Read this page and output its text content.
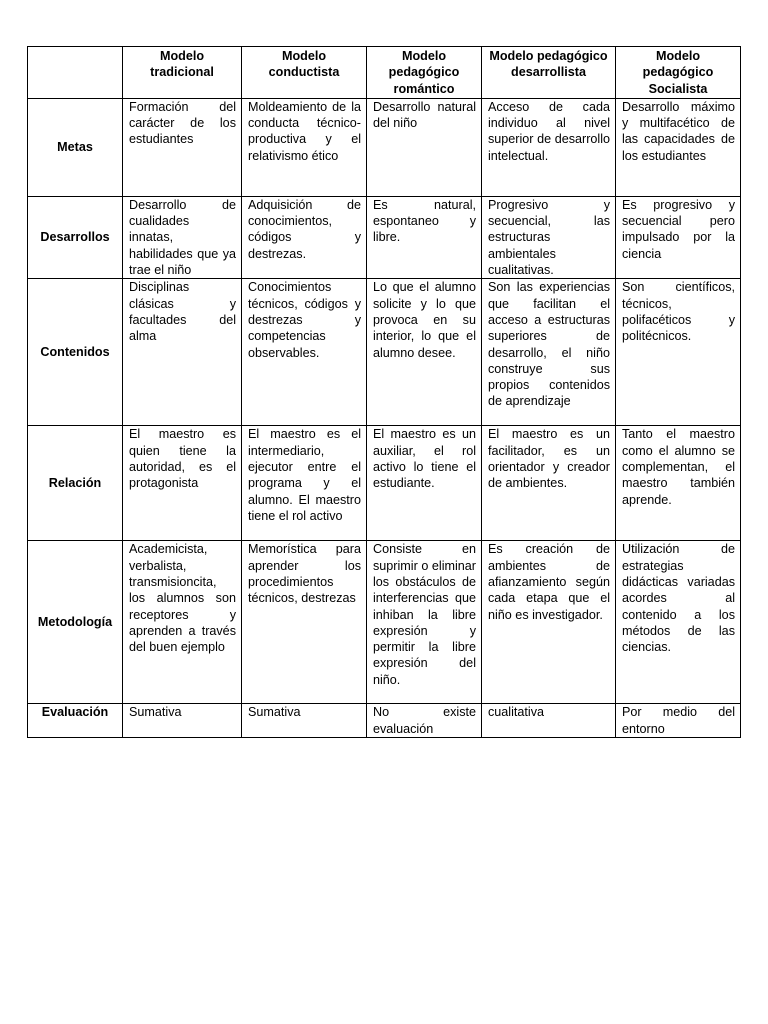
	Modelo tradicional	Modelo conductista	Modelo pedagógico romántico	Modelo pedagógico desarrollista	Modelo pedagógico Socialista
Metas	Formación del carácter de los estudiantes	Moldeamiento de la conducta técnico-productiva y el relativismo ético	Desarrollo natural del niño	Acceso de cada individuo al nivel superior de desarrollo intelectual.	Desarrollo máximo y multifacético de las capacidades de los estudiantes
Desarrollos	Desarrollo de cualidades innatas, habilidades que ya trae el niño	Adquisición de conocimientos, códigos y destrezas.	Es natural, espontaneo y libre.	Progresivo y secuencial, las estructuras ambientales cualitativas.	Es progresivo y secuencial pero impulsado por la ciencia
Contenidos	Disciplinas clásicas y facultades del alma	Conocimientos técnicos, códigos y destrezas y competencias observables.	Lo que el alumno solicite y lo que provoca en su interior, lo que el alumno desee.	Son las experiencias que facilitan el acceso a estructuras superiores de desarrollo, el niño construye sus propios contenidos de aprendizaje	Son científicos, técnicos, polifacéticos y politécnicos.
Relación	El maestro es quien tiene la autoridad, es el protagonista	El maestro es el intermediario, ejecutor entre el programa y el alumno. El maestro tiene el rol activo	El maestro es un auxiliar, el rol activo lo tiene el estudiante.	El maestro es un facilitador, es un orientador y creador de ambientes.	Tanto el maestro como el alumno se complementan, el maestro también aprende.
Metodología	Academicista, verbalista, transmisioncita, los alumnos son receptores y aprenden a través del buen ejemplo	Memorística para aprender los procedimientos técnicos, destrezas	Consiste en suprimir o eliminar los obstáculos de interferencias que inhiban la libre expresión y permitir la libre expresión del niño.	Es creación de ambientes de afianzamiento según cada etapa que el niño es investigador.	Utilización de estrategias didácticas variadas acordes al contenido a los métodos de las ciencias.
Evaluación	Sumativa	Sumativa	No existe evaluación	cualitativa	Por medio del entorno
